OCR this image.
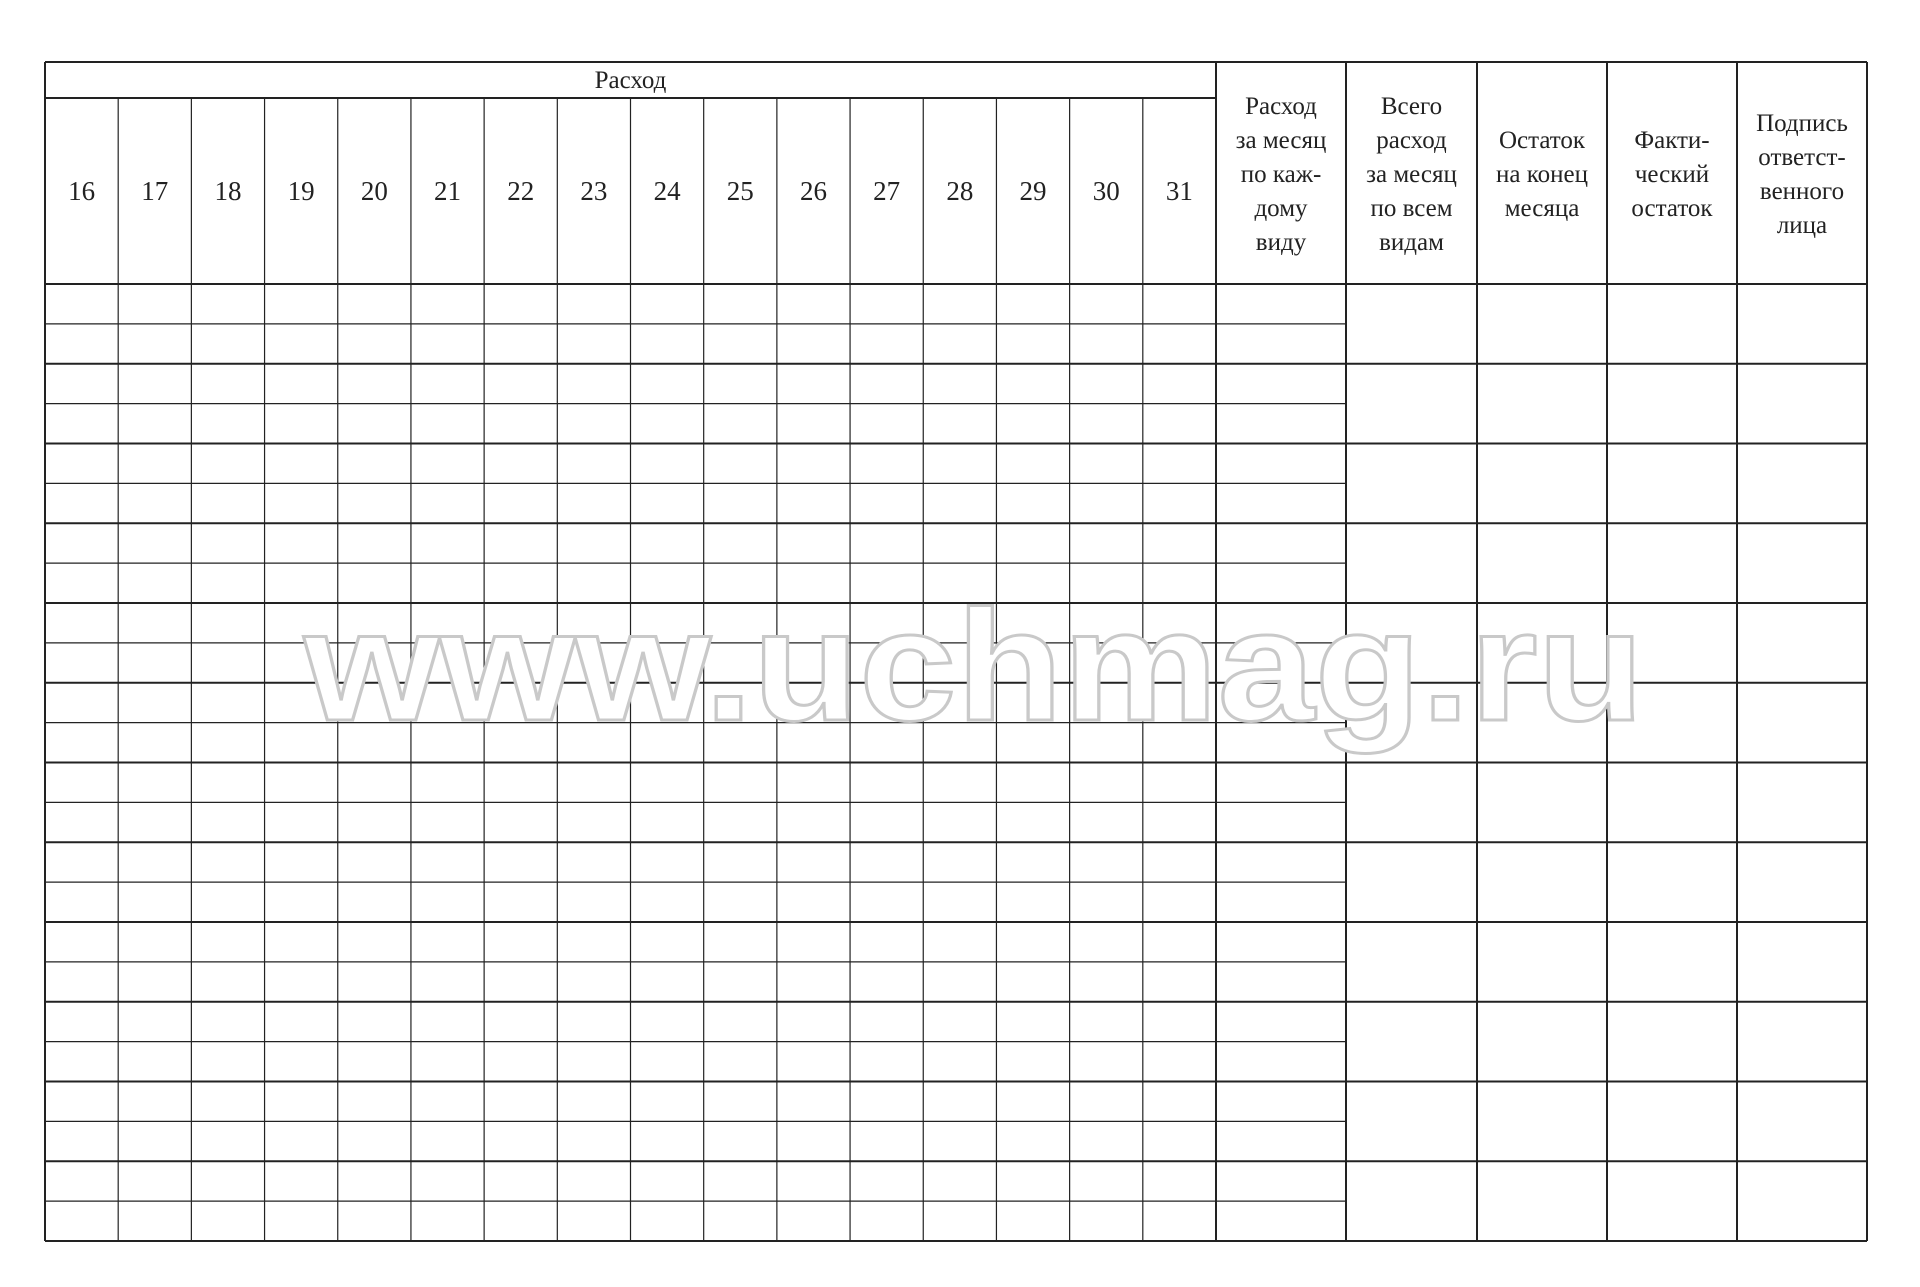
Расход
16 17 18 19 20 21 22 23 24 25 26 27 28 29 30 31
Расход
за месяц
по каж-
дому
виду
Всего
расход
за месяц
по всем
видам
Остаток
на конец
месяца
Факти-
ческий
остаток
Подпись
ответст-
венного
лица
www.uchmag.ru
